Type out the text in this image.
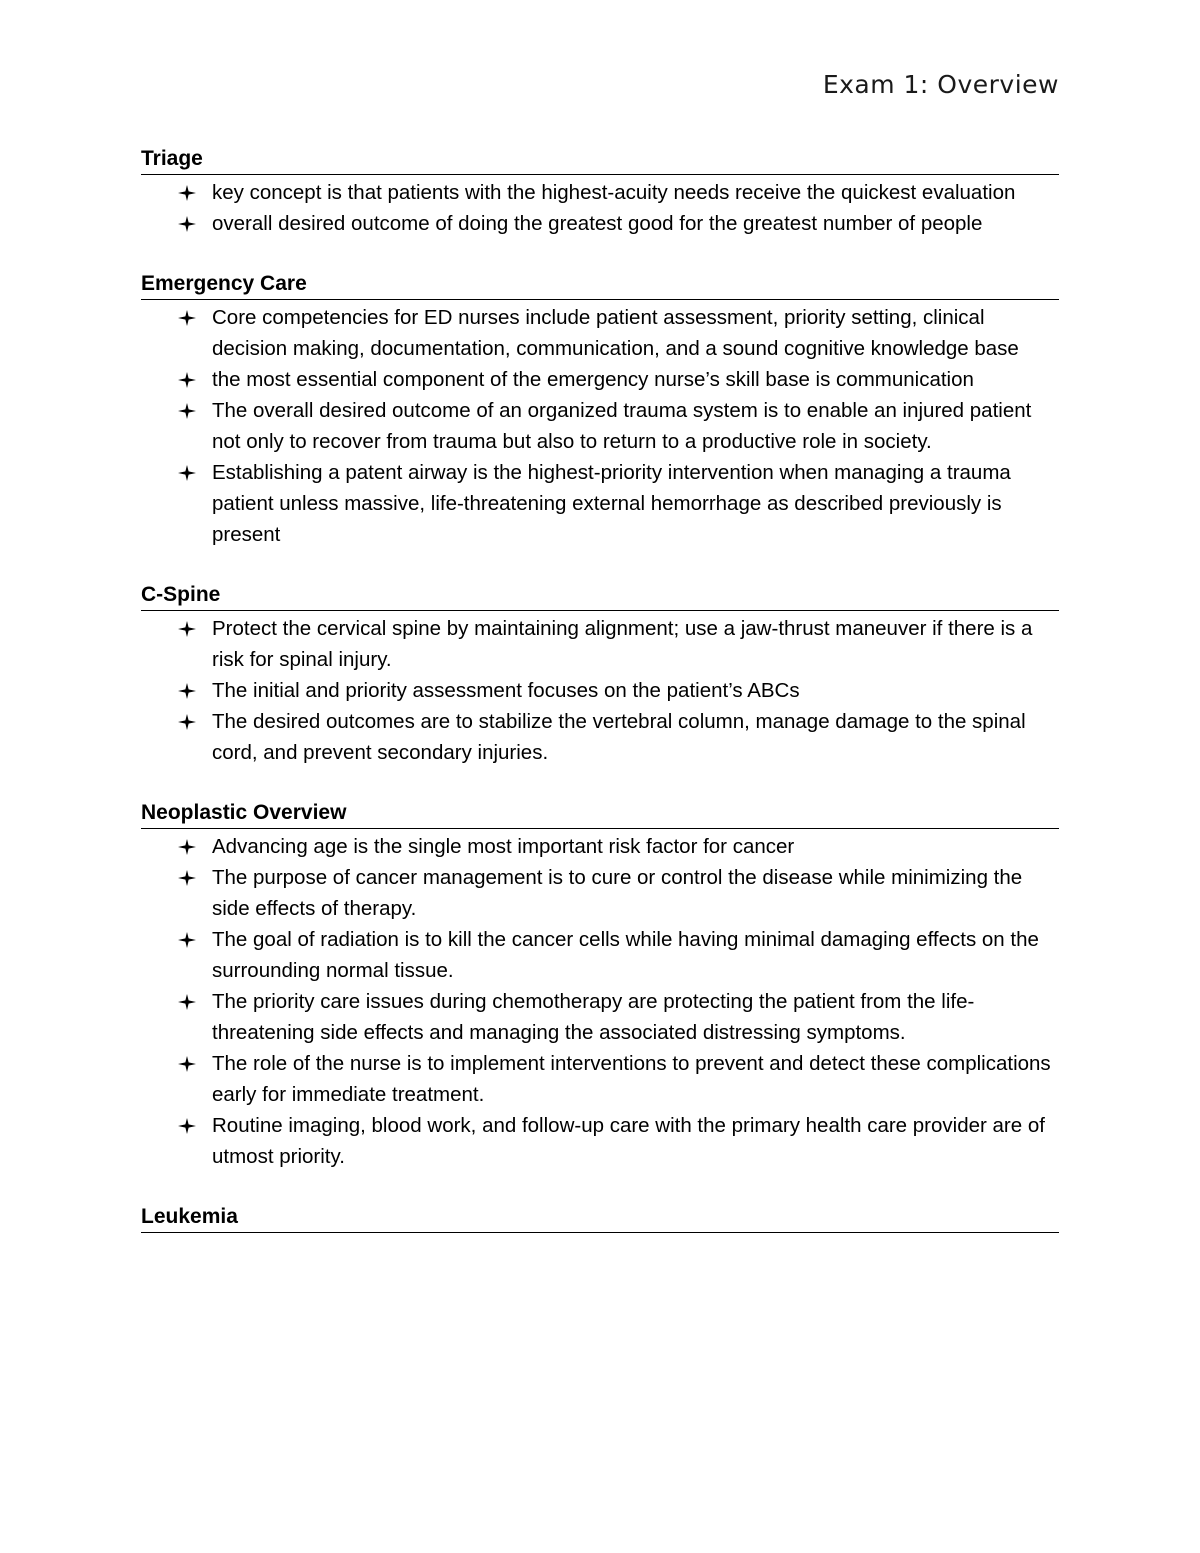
Exam 1: Overview
Triage
key concept is that patients with the highest-acuity needs receive the quickest evaluation
overall desired outcome of doing the greatest good for the greatest number of people
Emergency Care
Core competencies for ED nurses include patient assessment, priority setting, clinical decision making, documentation, communication, and a sound cognitive knowledge base
the most essential component of the emergency nurse’s skill base is communication
The overall desired outcome of an organized trauma system is to enable an injured patient not only to recover from trauma but also to return to a productive role in society.
Establishing a patent airway is the highest-priority intervention when managing a trauma patient unless massive, life-threatening external hemorrhage as described previously is present
C-Spine
Protect the cervical spine by maintaining alignment; use a jaw-thrust maneuver if there is a risk for spinal injury.
The initial and priority assessment focuses on the patient’s ABCs
The desired outcomes are to stabilize the vertebral column, manage damage to the spinal cord, and prevent secondary injuries.
Neoplastic Overview
Advancing age is the single most important risk factor for cancer
The purpose of cancer management is to cure or control the disease while minimizing the side effects of therapy.
The goal of radiation is to kill the cancer cells while having minimal damaging effects on the surrounding normal tissue.
The priority care issues during chemotherapy are protecting the patient from the life-threatening side effects and managing the associated distressing symptoms.
The role of the nurse is to implement interventions to prevent and detect these complications early for immediate treatment.
Routine imaging, blood work, and follow-up care with the primary health care provider are of utmost priority.
Leukemia
